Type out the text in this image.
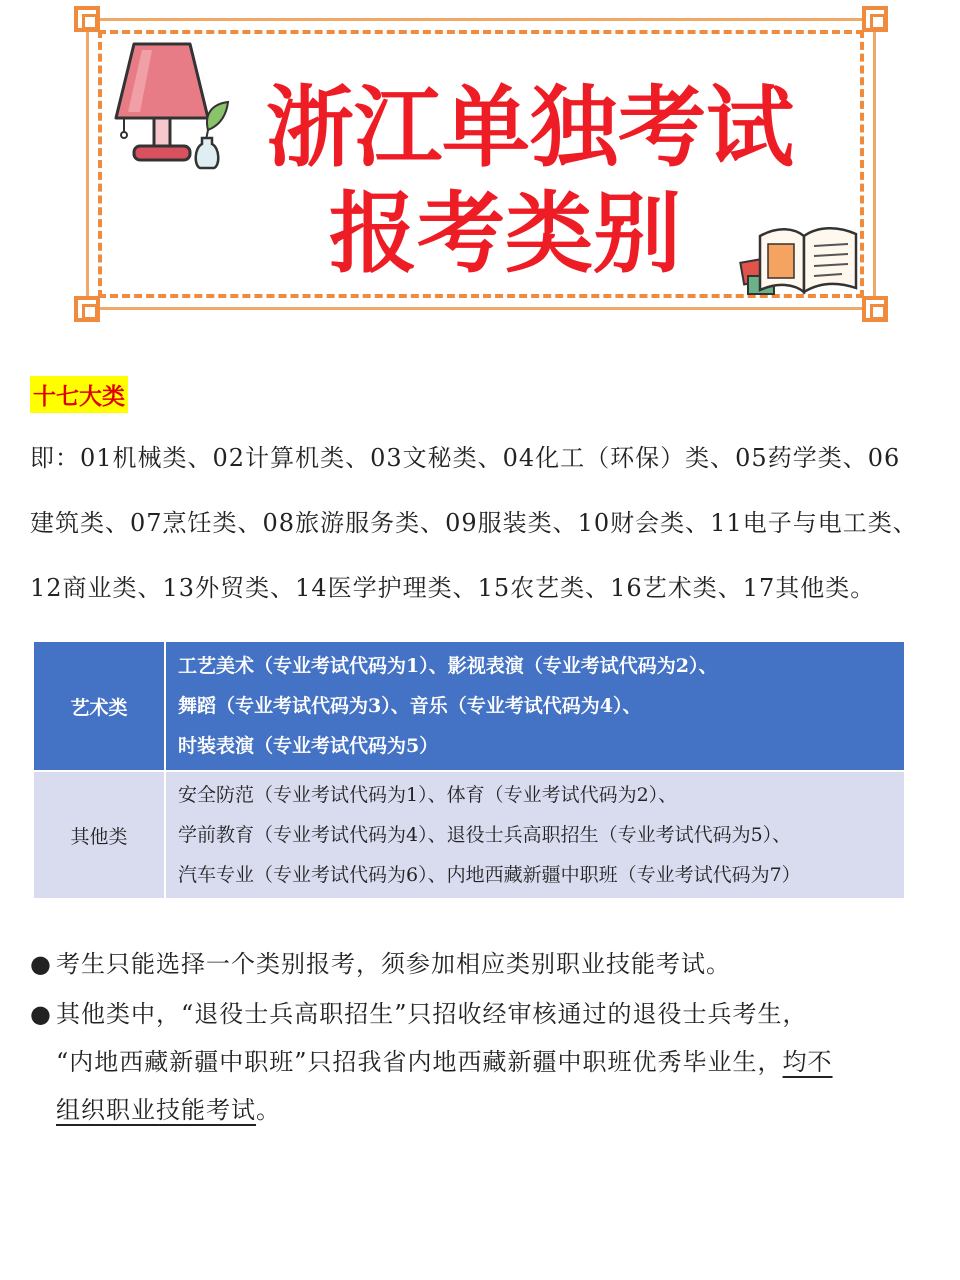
浙江单独考试
报考类别
十七大类
即：01机械类、02计算机类、03文秘类、04化工（环保）类、05药学类、06
建筑类、07烹饪类、08旅游服务类、09服装类、10财会类、11电子与电工类、
12商业类、13外贸类、14医学护理类、15农艺类、16艺术类、17其他类。
艺术类	工艺美术（专业考试代码为1）、影视表演（专业考试代码为2）、
舞蹈（专业考试代码为3）、音乐（专业考试代码为4）、
时装表演（专业考试代码为5）

其他类	安全防范（专业考试代码为1）、体育（专业考试代码为2）、
学前教育（专业考试代码为4）、退役士兵高职招生（专业考试代码为5）、
汽车专业（专业考试代码为6）、内地西藏新疆中职班（专业考试代码为7）
● 考生只能选择一个类别报考，须参加相应类别职业技能考试。
● 其他类中，“退役士兵高职招生”只招收经审核通过的退役士兵考生，
“内地西藏新疆中职班”只招我省内地西藏新疆中职班优秀毕业生，均不
组织职业技能考试。
